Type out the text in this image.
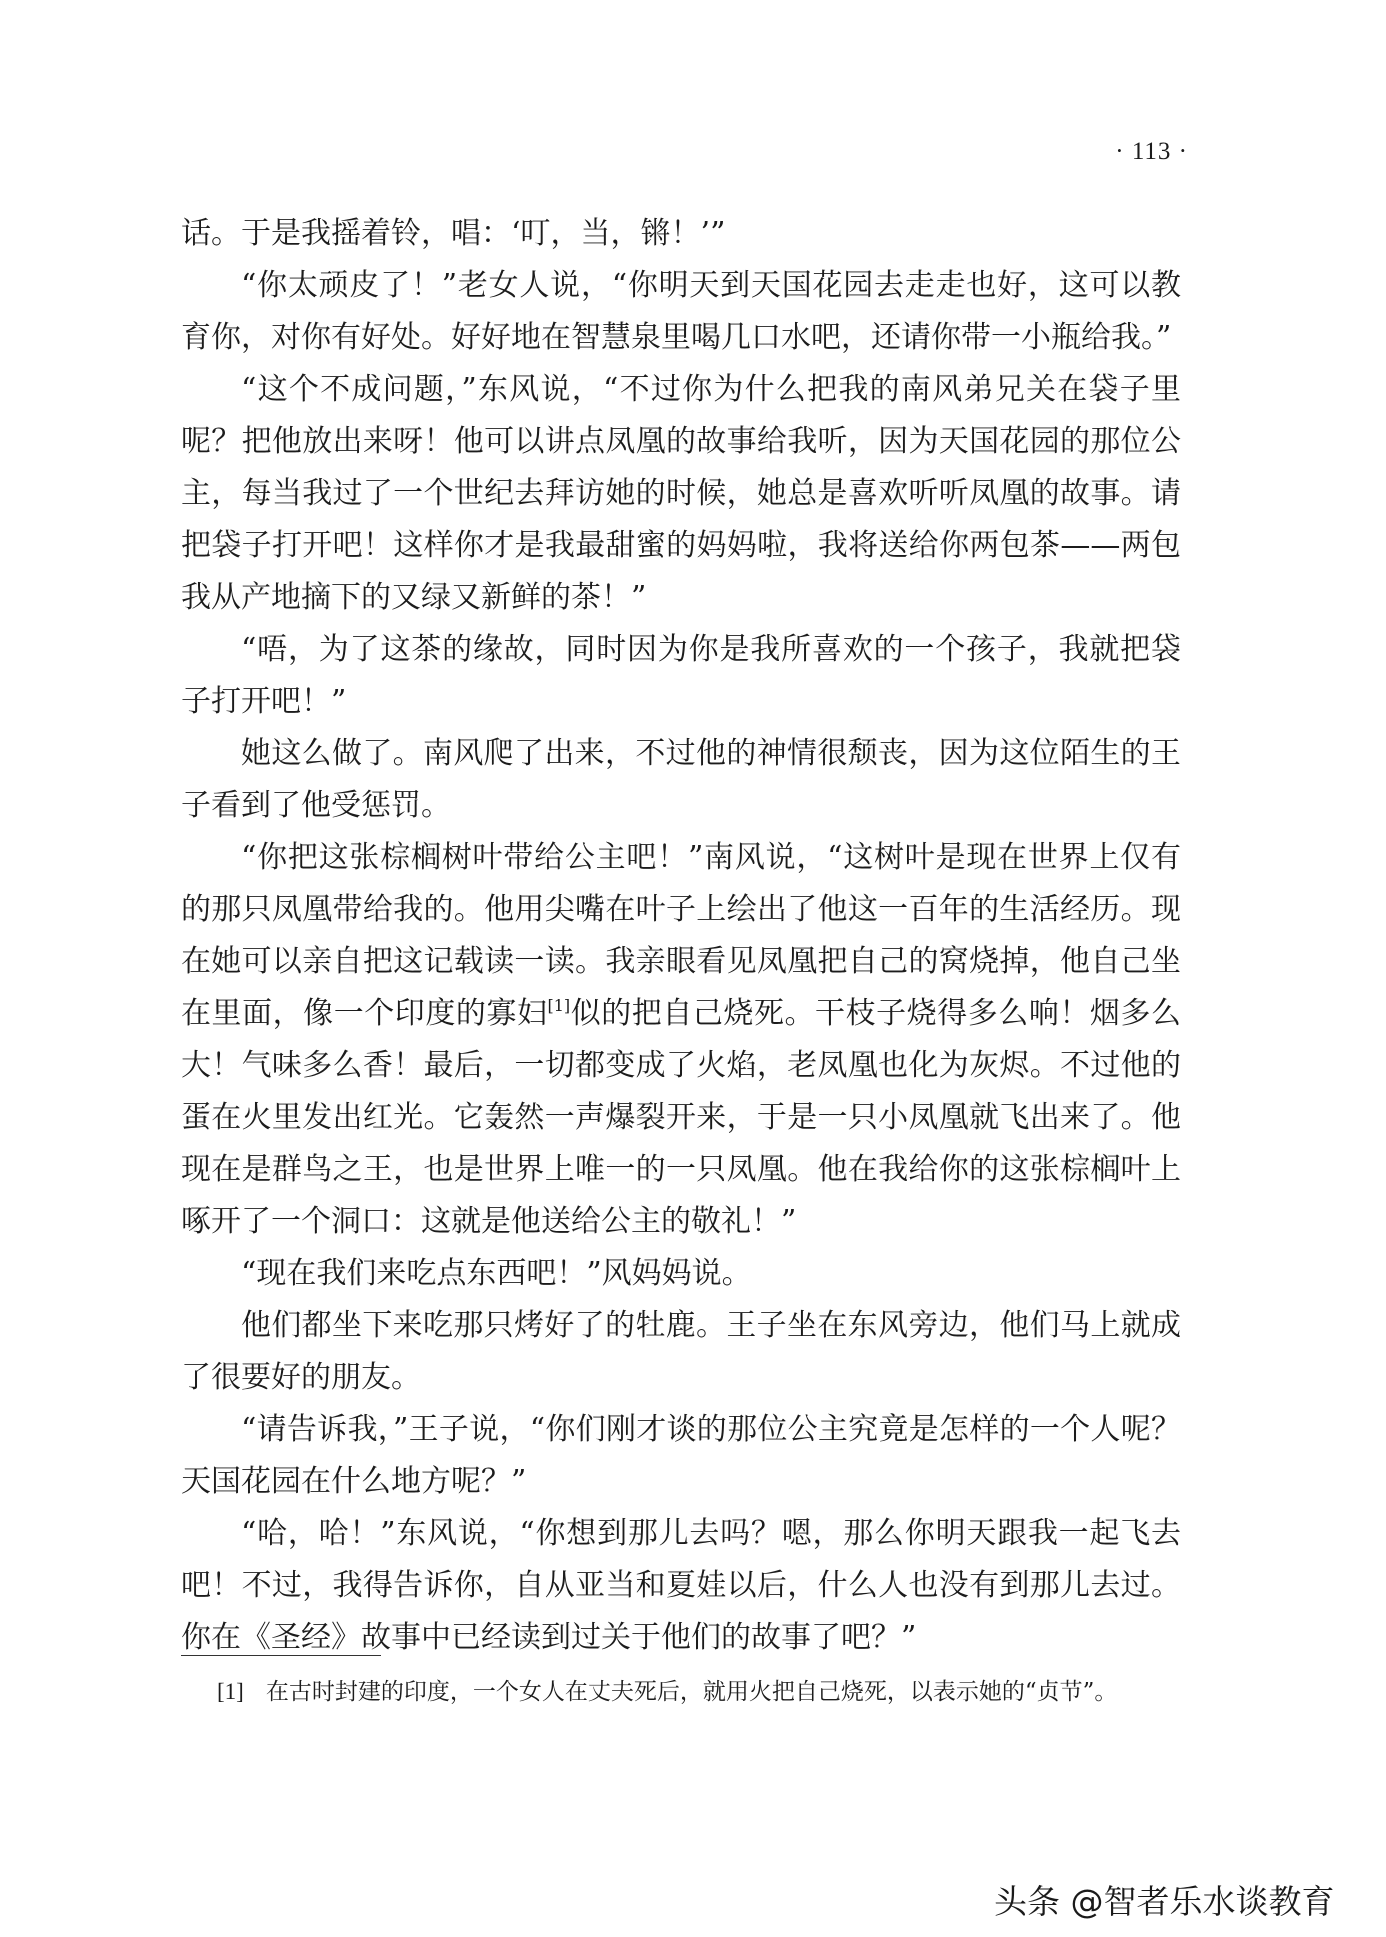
· 113 ·

话。于是我摇着铃，唱：‘叮，当，锵！’”

“你太顽皮了！”老女人说，“你明天到天国花园去走走也好，这可以教育你，对你有好处。好好地在智慧泉里喝几口水吧，还请你带一小瓶给我。”

“这个不成问题，”东风说，“不过你为什么把我的南风弟兄关在袋子里呢？把他放出来呀！他可以讲点凤凰的故事给我听，因为天国花园的那位公主，每当我过了一个世纪去拜访她的时候，她总是喜欢听听凤凰的故事。请把袋子打开吧！这样你才是我最甜蜜的妈妈啦，我将送给你两包茶——两包我从产地摘下的又绿又新鲜的茶！”

“唔，为了这茶的缘故，同时因为你是我所喜欢的一个孩子，我就把袋子打开吧！”

她这么做了。南风爬了出来，不过他的神情很颓丧，因为这位陌生的王子看到了他受惩罚。

“你把这张棕榈树叶带给公主吧！”南风说，“这树叶是现在世界上仅有的那只凤凰带给我的。他用尖嘴在叶子上绘出了他这一百年的生活经历。现在她可以亲自把这记载读一读。我亲眼看见凤凰把自己的窝烧掉，他自己坐在里面，像一个印度的寡妇[1]似的把自己烧死。干枝子烧得多么响！烟多么大！气味多么香！最后，一切都变成了火焰，老凤凰也化为灰烬。不过他的蛋在火里发出红光。它轰然一声爆裂开来，于是一只小凤凰就飞出来了。他现在是群鸟之王，也是世界上唯一的一只凤凰。他在我给你的这张棕榈叶上啄开了一个洞口：这就是他送给公主的敬礼！”

“现在我们来吃点东西吧！”风妈妈说。

他们都坐下来吃那只烤好了的牡鹿。王子坐在东风旁边，他们马上就成了很要好的朋友。

“请告诉我，”王子说，“你们刚才谈的那位公主究竟是怎样的一个人呢？天国花园在什么地方呢？”

“哈，哈！”东风说，“你想到那儿去吗？嗯，那么你明天跟我一起飞去吧！不过，我得告诉你，自从亚当和夏娃以后，什么人也没有到那儿去过。你在《圣经》故事中已经读到过关于他们的故事了吧？”

[1] 在古时封建的印度，一个女人在丈夫死后，就用火把自己烧死，以表示她的“贞节”。

头条 @智者乐水谈教育
